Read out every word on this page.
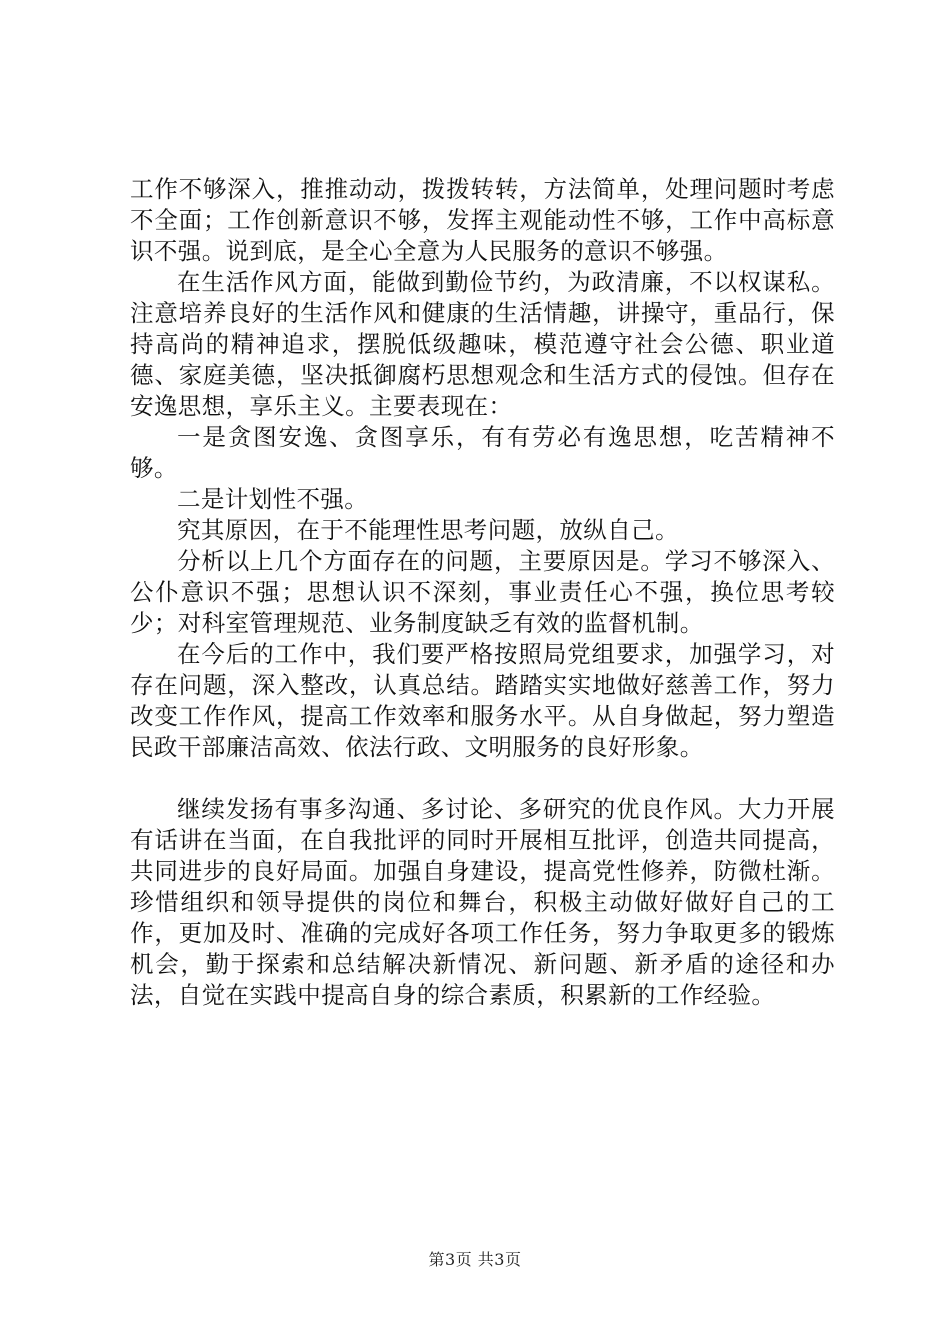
工作不够深入，推推动动，拨拨转转，方法简单，处理问题时考虑不全面；工作创新意识不够，发挥主观能动性不够，工作中高标意识不强。说到底，是全心全意为人民服务的意识不够强。

在生活作风方面，能做到勤俭节约，为政清廉，不以权谋私。注意培养良好的生活作风和健康的生活情趣，讲操守，重品行，保持高尚的精神追求，摆脱低级趣味，模范遵守社会公德、职业道德、家庭美德，坚决抵御腐朽思想观念和生活方式的侵蚀。但存在安逸思想，享乐主义。主要表现在：

一是贪图安逸、贪图享乐，有有劳必有逸思想，吃苦精神不够。

二是计划性不强。

究其原因，在于不能理性思考问题，放纵自己。

分析以上几个方面存在的问题，主要原因是。学习不够深入、公仆意识不强；思想认识不深刻，事业责任心不强，换位思考较少；对科室管理规范、业务制度缺乏有效的监督机制。

在今后的工作中，我们要严格按照局党组要求，加强学习，对存在问题，深入整改，认真总结。踏踏实实地做好慈善工作，努力改变工作作风，提高工作效率和服务水平。从自身做起，努力塑造民政干部廉洁高效、依法行政、文明服务的良好形象。

继续发扬有事多沟通、多讨论、多研究的优良作风。大力开展有话讲在当面，在自我批评的同时开展相互批评，创造共同提高，共同进步的良好局面。加强自身建设，提高党性修养，防微杜渐。珍惜组织和领导提供的岗位和舞台，积极主动做好做好自己的工作，更加及时、准确的完成好各项工作任务，努力争取更多的锻炼机会，勤于探索和总结解决新情况、新问题、新矛盾的途径和办法，自觉在实践中提高自身的综合素质，积累新的工作经验。

第3页 共3页
